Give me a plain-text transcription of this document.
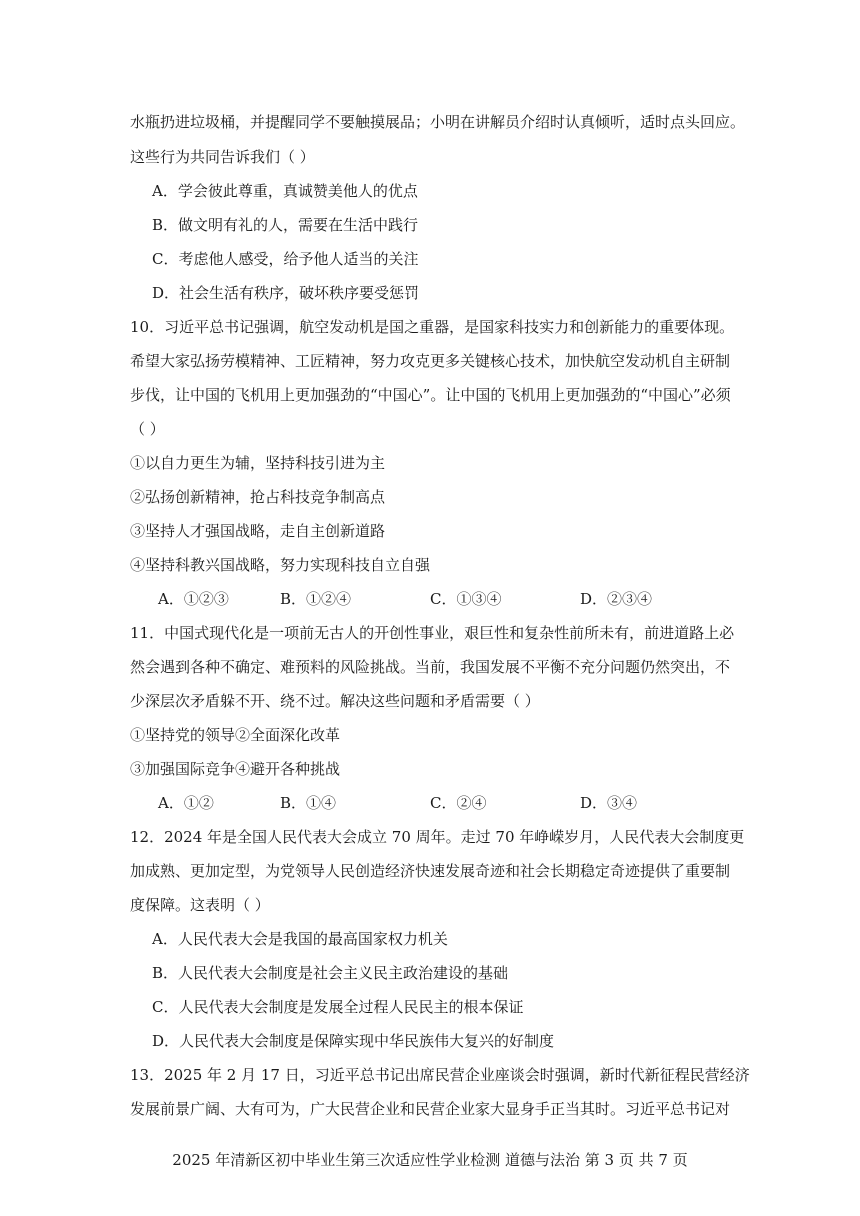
水瓶扔进垃圾桶，并提醒同学不要触摸展品；小明在讲解员介绍时认真倾听，适时点头回应。
这些行为共同告诉我们（ ）
A．学会彼此尊重，真诚赞美他人的优点
B．做文明有礼的人，需要在生活中践行
C．考虑他人感受，给予他人适当的关注
D．社会生活有秩序，破坏秩序要受惩罚
10．习近平总书记强调，航空发动机是国之重器，是国家科技实力和创新能力的重要体现。
希望大家弘扬劳模精神、工匠精神，努力攻克更多关键核心技术，加快航空发动机自主研制
步伐，让中国的飞机用上更加强劲的“中国心”。让中国的飞机用上更加强劲的“中国心”必须
（ ）
①以自力更生为辅，坚持科技引进为主
②弘扬创新精神，抢占科技竞争制高点
③坚持人才强国战略，走自主创新道路
④坚持科教兴国战略，努力实现科技自立自强
A．①②③	B．①②④	C．①③④	D．②③④
11．中国式现代化是一项前无古人的开创性事业，艰巨性和复杂性前所未有，前进道路上必
然会遇到各种不确定、难预料的风险挑战。当前，我国发展不平衡不充分问题仍然突出，不
少深层次矛盾躲不开、绕不过。解决这些问题和矛盾需要（ ）
①坚持党的领导②全面深化改革
③加强国际竞争④避开各种挑战
A．①②	B．①④	C．②④	D．③④
12．2024 年是全国人民代表大会成立 70 周年。走过 70 年峥嵘岁月，人民代表大会制度更
加成熟、更加定型，为党领导人民创造经济快速发展奇迹和社会长期稳定奇迹提供了重要制
度保障。这表明（ ）
A．人民代表大会是我国的最高国家权力机关
B．人民代表大会制度是社会主义民主政治建设的基础
C．人民代表大会制度是发展全过程人民民主的根本保证
D．人民代表大会制度是保障实现中华民族伟大复兴的好制度
13．2025 年 2 月 17 日，习近平总书记出席民营企业座谈会时强调，新时代新征程民营经济
发展前景广阔、大有可为，广大民营企业和民营企业家大显身手正当其时。习近平总书记对
2025 年清新区初中毕业生第三次适应性学业检测 道德与法治 第 3 页 共 7 页
